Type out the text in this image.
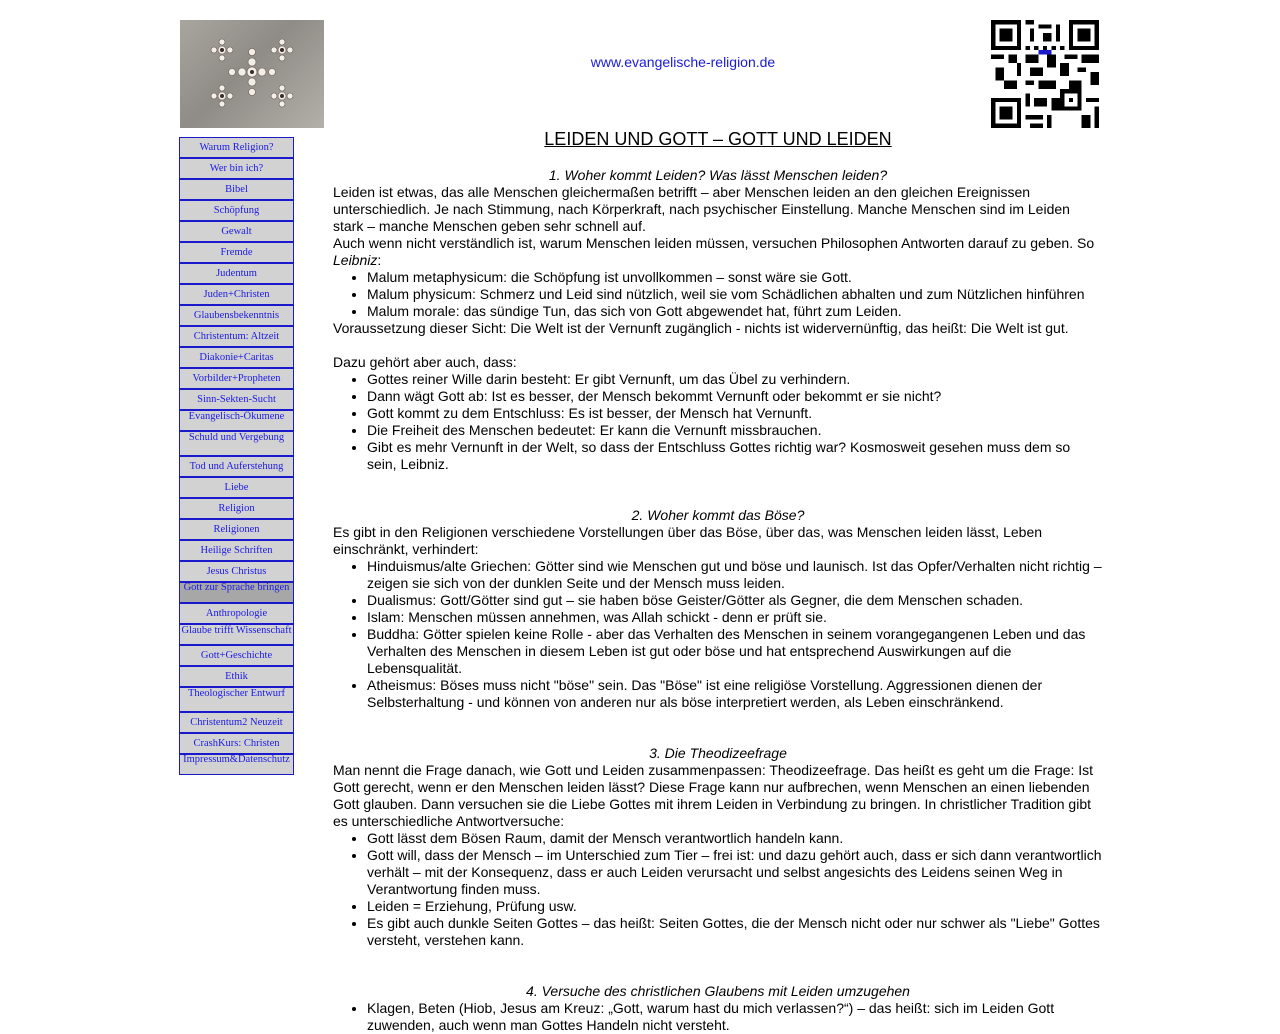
www.evangelische-religion.de
Warum Religion?
Wer bin ich?
Bibel
Schöpfung
Gewalt
Fremde
Judentum
Juden+Christen
Glaubensbekenntnis
Christentum: Altzeit
Diakonie+Caritas
Vorbilder+Propheten
Sinn-Sekten-Sucht
Evangelisch-Ökumene
Schuld und Vergebung
Tod und Auferstehung
Liebe
Religion
Religionen
Heilige Schriften
Jesus Christus
Gott zur Sprache bringen
Anthropologie
Glaube trifft Wissenschaft
Gott+Geschichte
Ethik
Theologischer Entwurf
Christentum2 Neuzeit
CrashKurs: Christen
Impressum&Datenschutz
LEIDEN UND GOTT – GOTT UND LEIDEN

1. Woher kommt Leiden? Was lässt Menschen leiden?

Leiden ist etwas, das alle Menschen gleichermaßen betrifft – aber Menschen leiden an den gleichen Ereignissen unterschiedlich. Je nach Stimmung, nach Körperkraft, nach psychischer Einstellung. Manche Menschen sind im Leiden stark – manche Menschen geben sehr schnell auf.

Auch wenn nicht verständlich ist, warum Menschen leiden müssen, versuchen Philosophen Antworten darauf zu geben. So Leibniz:

• Malum metaphysicum: die Schöpfung ist unvollkommen – sonst wäre sie Gott.
• Malum physicum: Schmerz und Leid sind nützlich, weil sie vom Schädlichen abhalten und zum Nützlichen hinführen
• Malum morale: das sündige Tun, das sich von Gott abgewendet hat, führt zum Leiden.

Voraussetzung dieser Sicht: Die Welt ist der Vernunft zugänglich - nichts ist widervernünftig, das heißt: Die Welt ist gut.

Dazu gehört aber auch, dass:

• Gottes reiner Wille darin besteht: Er gibt Vernunft, um das Übel zu verhindern.
• Dann wägt Gott ab: Ist es besser, der Mensch bekommt Vernunft oder bekommt er sie nicht?
• Gott kommt zu dem Entschluss: Es ist besser, der Mensch hat Vernunft.
• Die Freiheit des Menschen bedeutet: Er kann die Vernunft missbrauchen.
• Gibt es mehr Vernunft in der Welt, so dass der Entschluss Gottes richtig war? Kosmosweit gesehen muss dem so sein, Leibniz.

2. Woher kommt das Böse?

Es gibt in den Religionen verschiedene Vorstellungen über das Böse, über das, was Menschen leiden lässt, Leben einschränkt, verhindert:

• Hinduismus/alte Griechen: Götter sind wie Menschen gut und böse und launisch. Ist das Opfer/Verhalten nicht richtig – zeigen sie sich von der dunklen Seite und der Mensch muss leiden.
• Dualismus: Gott/Götter sind gut – sie haben böse Geister/Götter als Gegner, die dem Menschen schaden.
• Islam: Menschen müssen annehmen, was Allah schickt - denn er prüft sie.
• Buddha: Götter spielen keine Rolle - aber das Verhalten des Menschen in seinem vorangegangenen Leben und das Verhalten des Menschen in diesem Leben ist gut oder böse und hat entsprechend Auswirkungen auf die Lebensqualität.
• Atheismus: Böses muss nicht "böse" sein. Das "Böse" ist eine religiöse Vorstellung. Aggressionen dienen der Selbsterhaltung - und können von anderen nur als böse interpretiert werden, als Leben einschränkend.

3. Die Theodizeefrage

Man nennt die Frage danach, wie Gott und Leiden zusammenpassen: Theodizeefrage. Das heißt es geht um die Frage: Ist Gott gerecht, wenn er den Menschen leiden lässt? Diese Frage kann nur aufbrechen, wenn Menschen an einen liebenden Gott glauben. Dann versuchen sie die Liebe Gottes mit ihrem Leiden in Verbindung zu bringen. In christlicher Tradition gibt es unterschiedliche Antwortversuche:

• Gott lässt dem Bösen Raum, damit der Mensch verantwortlich handeln kann.
• Gott will, dass der Mensch – im Unterschied zum Tier – frei ist: und dazu gehört auch, dass er sich dann verantwortlich verhält – mit der Konsequenz, dass er auch Leiden verursacht und selbst angesichts des Leidens seinen Weg in Verantwortung finden muss.
• Leiden = Erziehung, Prüfung usw.
• Es gibt auch dunkle Seiten Gottes – das heißt: Seiten Gottes, die der Mensch nicht oder nur schwer als "Liebe" Gottes versteht, verstehen kann.

4. Versuche des christlichen Glaubens mit Leiden umzugehen

• Klagen, Beten (Hiob, Jesus am Kreuz: „Gott, warum hast du mich verlassen?“) – das heißt: sich im Leiden Gott zuwenden, auch wenn man Gottes Handeln nicht versteht.
